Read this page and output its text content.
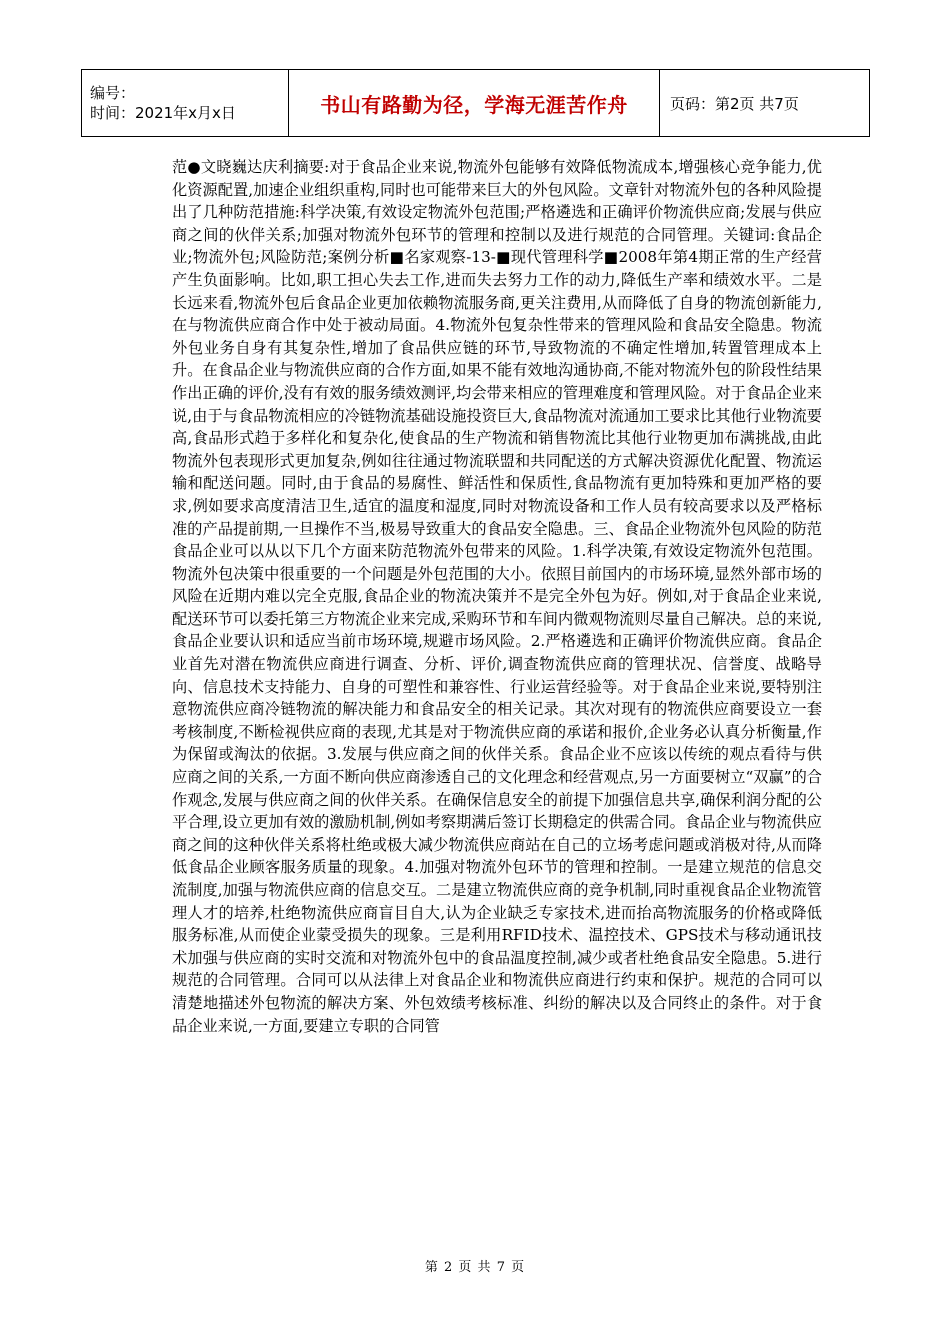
编号：
时间：2021年x月x日	书山有路勤为径，学海无涯苦作舟	页码：第2页 共7页

范●文晓巍达庆利摘要:对于食品企业来说,物流外包能够有效降低物流成本,增强核心竞争能力,优化资源配置,加速企业组织重构,同时也可能带来巨大的外包风险。文章针对物流外包的各种风险提出了几种防范措施:科学决策,有效设定物流外包范围;严格遴选和正确评价物流供应商;发展与供应商之间的伙伴关系;加强对物流外包环节的管理和控制以及进行规范的合同管理。关键词:食品企业;物流外包;风险防范;案例分析■名家观察-13-■现代管理科学■2008年第4期正常的生产经营产生负面影响。比如,职工担心失去工作,进而失去努力工作的动力,降低生产率和绩效水平。二是长远来看,物流外包后食品企业更加依赖物流服务商,更关注费用,从而降低了自身的物流创新能力,在与物流供应商合作中处于被动局面。4.物流外包复杂性带来的管理风险和食品安全隐患。物流外包业务自身有其复杂性,增加了食品供应链的环节,导致物流的不确定性增加,转置管理成本上升。在食品企业与物流供应商的合作方面,如果不能有效地沟通协商,不能对物流外包的阶段性结果作出正确的评价,没有有效的服务绩效测评,均会带来相应的管理难度和管理风险。对于食品企业来说,由于与食品物流相应的冷链物流基础设施投资巨大,食品物流对流通加工要求比其他行业物流要高,食品形式趋于多样化和复杂化,使食品的生产物流和销售物流比其他行业物更加布满挑战,由此物流外包表现形式更加复杂,例如往往通过物流联盟和共同配送的方式解决资源优化配置、物流运输和配送问题。同时,由于食品的易腐性、鲜活性和保质性,食品物流有更加特殊和更加严格的要求,例如要求高度清洁卫生,适宜的温度和湿度,同时对物流设备和工作人员有较高要求以及严格标准的产品提前期,一旦操作不当,极易导致重大的食品安全隐患。三、食品企业物流外包风险的防范食品企业可以从以下几个方面来防范物流外包带来的风险。1.科学决策,有效设定物流外包范围。物流外包决策中很重要的一个问题是外包范围的大小。依照目前国内的市场环境,显然外部市场的风险在近期内难以完全克服,食品企业的物流决策并不是完全外包为好。例如,对于食品企业来说,配送环节可以委托第三方物流企业来完成,采购环节和车间内微观物流则尽量自己解决。总的来说,食品企业要认识和适应当前市场环境,规避市场风险。2.严格遴选和正确评价物流供应商。食品企业首先对潜在物流供应商进行调查、分析、评价,调查物流供应商的管理状况、信誉度、战略导向、信息技术支持能力、自身的可塑性和兼容性、行业运营经验等。对于食品企业来说,要特别注意物流供应商冷链物流的解决能力和食品安全的相关记录。其次对现有的物流供应商要设立一套考核制度,不断检视供应商的表现,尤其是对于物流供应商的承诺和报价,企业务必认真分析衡量,作为保留或淘汰的依据。3.发展与供应商之间的伙伴关系。食品企业不应该以传统的观点看待与供应商之间的关系,一方面不断向供应商渗透自己的文化理念和经营观点,另一方面要树立“双赢”的合作观念,发展与供应商之间的伙伴关系。在确保信息安全的前提下加强信息共享,确保利润分配的公平合理,设立更加有效的激励机制,例如考察期满后签订长期稳定的供需合同。食品企业与物流供应商之间的这种伙伴关系将杜绝或极大减少物流供应商站在自己的立场考虑问题或消极对待,从而降低食品企业顾客服务质量的现象。4.加强对物流外包环节的管理和控制。一是建立规范的信息交流制度,加强与物流供应商的信息交互。二是建立物流供应商的竞争机制,同时重视食品企业物流管理人才的培养,杜绝物流供应商盲目自大,认为企业缺乏专家技术,进而抬高物流服务的价格或降低服务标准,从而使企业蒙受损失的现象。三是利用RFID技术、温控技术、GPS技术与移动通讯技术加强与供应商的实时交流和对物流外包中的食品温度控制,减少或者杜绝食品安全隐患。5.进行规范的合同管理。合同可以从法律上对食品企业和物流供应商进行约束和保护。规范的合同可以清楚地描述外包物流的解决方案、外包效绩考核标准、纠纷的解决以及合同终止的条件。对于食品企业来说,一方面,要建立专职的合同管

第 2 页 共 7 页
